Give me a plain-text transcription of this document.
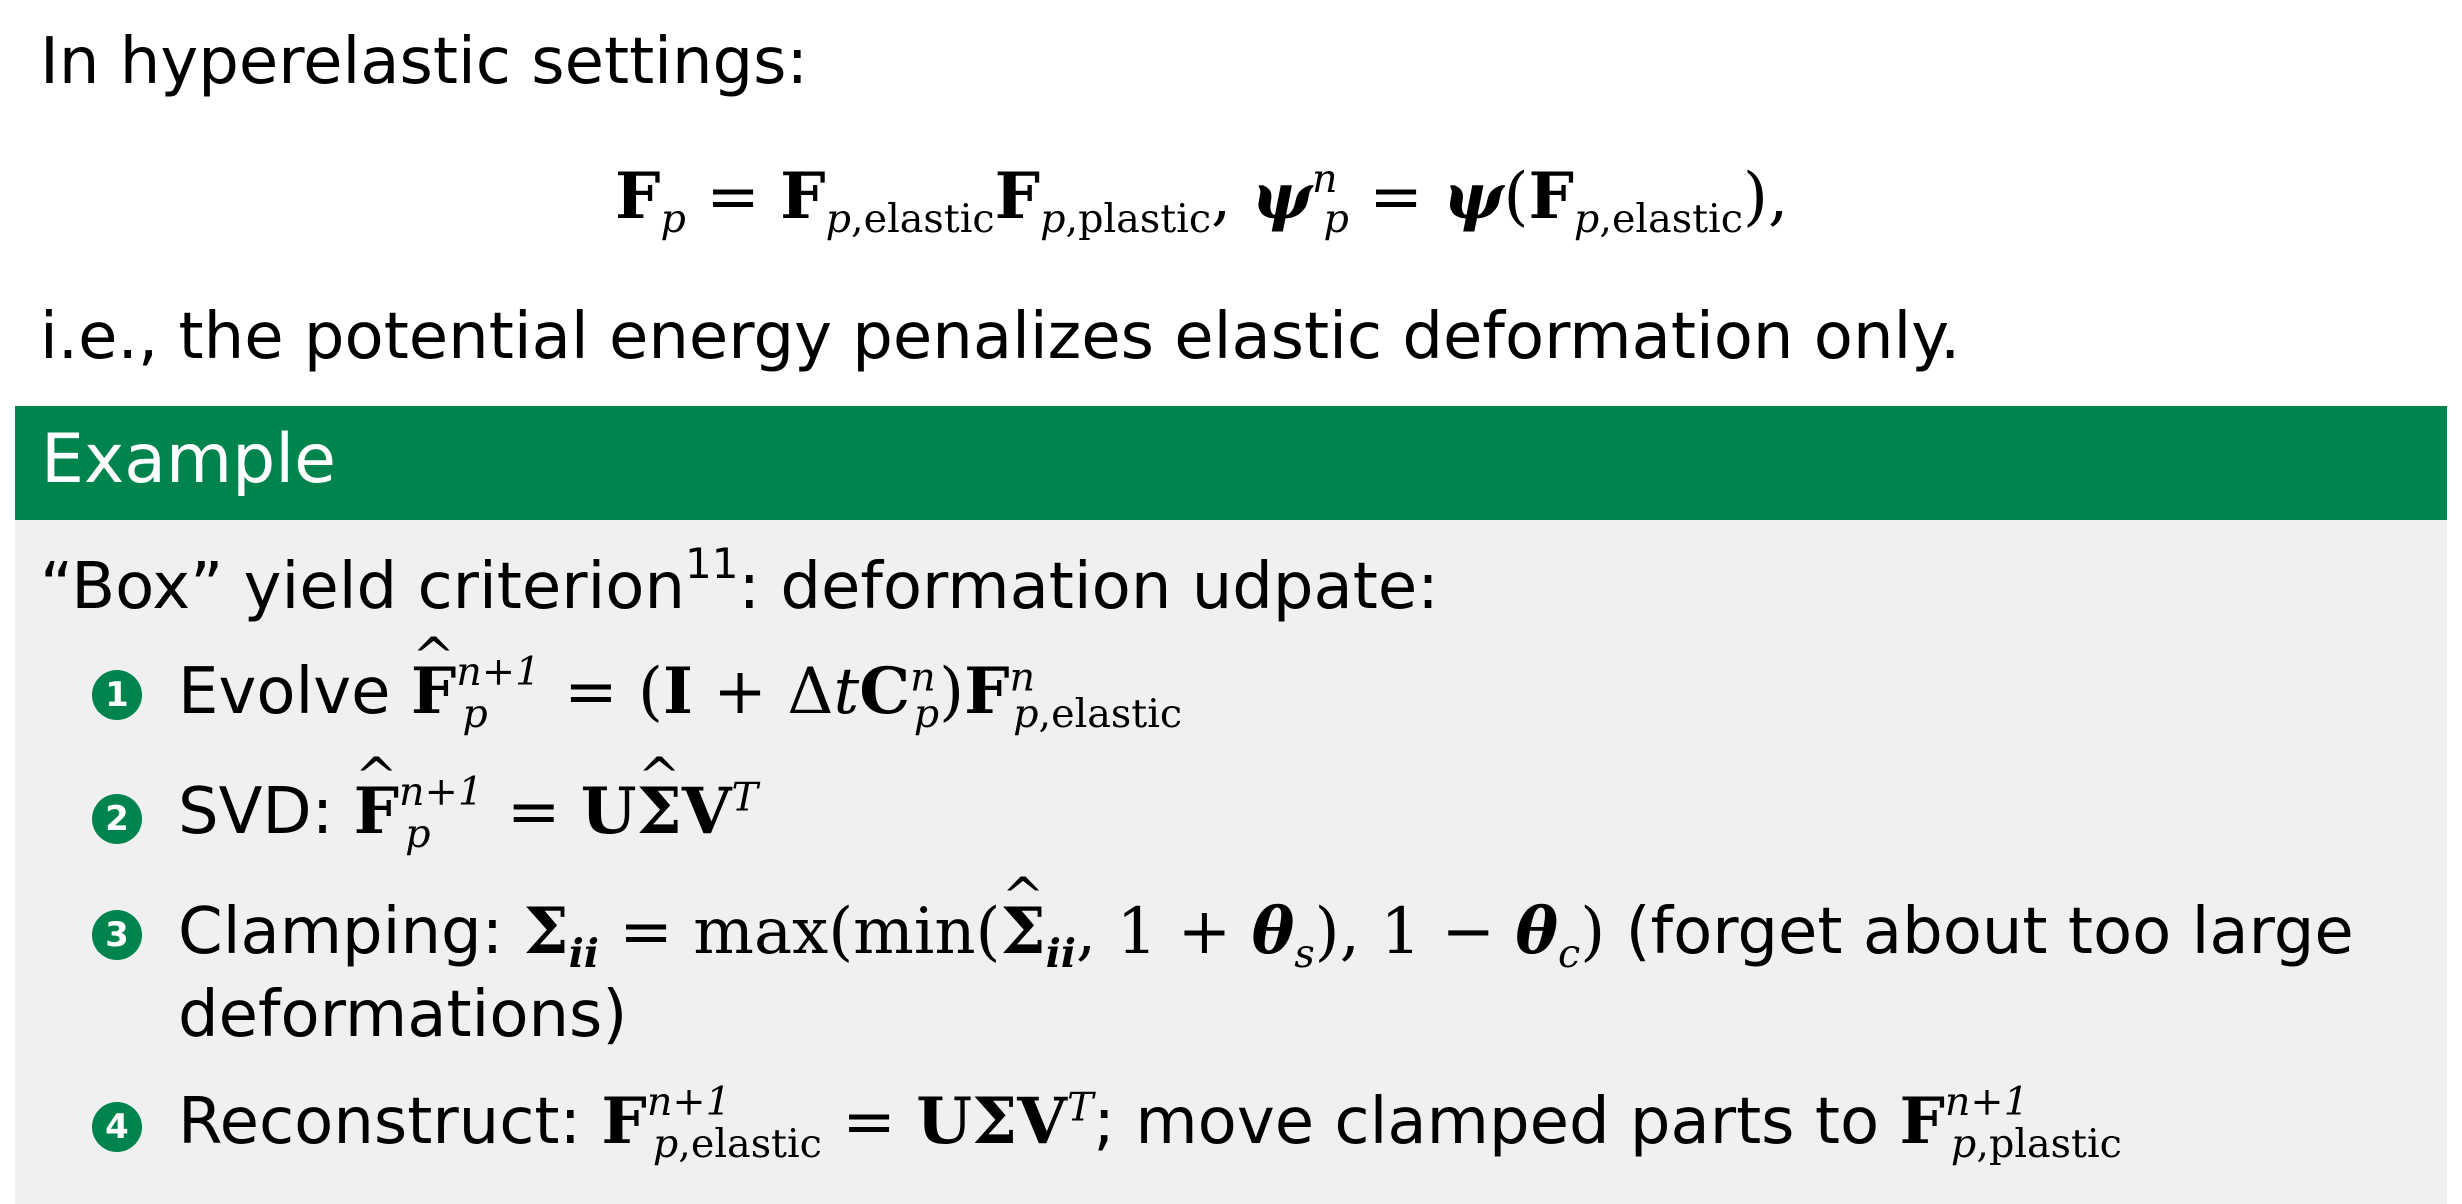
In hyperelastic settings:
$F_p = F_{p,elastic}F_{p,plastic}$, $\psi^n_p = \psi(F_{p,elastic})$,
i.e., the potential energy penalizes elastic deformation only.
Example
“Box” yield criterion$^{11}$: deformation udpate:
1 Evolve ^ $F^{n+1}_p = (I + \Delta tC^n_p)F^n_{p,elastic}$
2 SVD: ^ $F^{n+1}_p$ = U^ $\Sigma V^T$
3 Clamping: $\Sigma_{ii}$ = max(min(^ $\Sigma_{ii}$, $1 + \theta_s$), $1 - \theta_c$) (forget about too large
deformations)
4 Reconstruct: $F^{n+1}_{p,elastic} = U\Sigma V^T$; move clamped parts to $F^{n+1}_{p,plastic}$
